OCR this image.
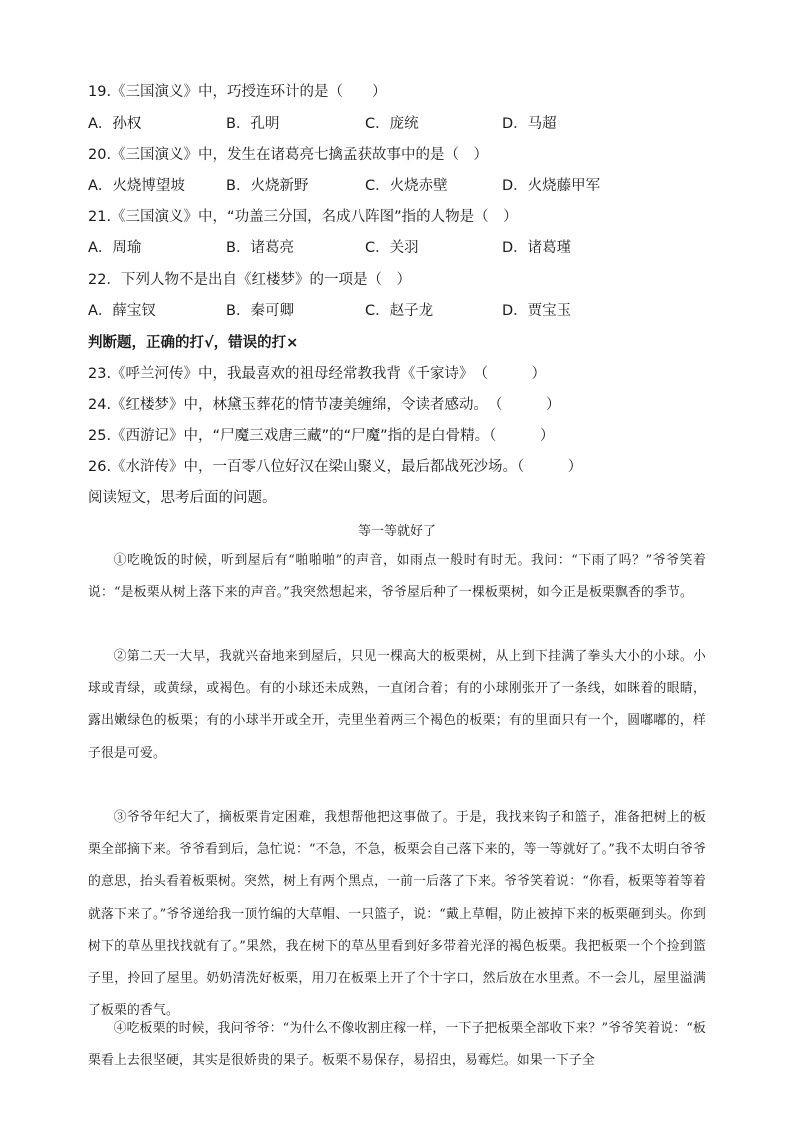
19.《三国演义》中，巧授连环计的是（　　）
A．孙权	B．孔明	C．庞统	D．马超
20.《三国演义》中，发生在诸葛亮七擒孟获故事中的是（　）
A．火烧博望坡	B．火烧新野	C．火烧赤壁	D．火烧藤甲军
21.《三国演义》中，“功盖三分国，名成八阵图”指的人物是（　）
A．周瑜	B．诸葛亮	C．关羽	D．诸葛瑾
22．下列人物不是出自《红楼梦》的一项是（　）
A．薛宝钗	B．秦可卿	C．赵子龙	D．贾宝玉
判断题，正确的打√，错误的打×
23.《呼兰河传》中，我最喜欢的祖母经常教我背《千家诗》　（　　　）
24.《红楼梦》中，林黛玉葬花的情节凄美缠绵，令读者感动。　（　　　）
25.《西游记》中，“尸魔三戏唐三藏”的“尸魔”指的是白骨精。（　　　）
26.《水浒传》中，一百零八位好汉在梁山聚义，最后都战死沙场。（　　　）
阅读短文，思考后面的问题。
等一等就好了
①吃晚饭的时候，听到屋后有“啪啪啪”的声音，如雨点一般时有时无。我问：“下雨了吗？”爷爷笑着说：“是板栗从树上落下来的声音。”我突然想起来，爷爷屋后种了一棵板栗树，如今正是板栗飘香的季节。
②第二天一大早，我就兴奋地来到屋后，只见一棵高大的板栗树，从上到下挂满了拳头大小的小球。小球或青绿，或黄绿，或褐色。有的小球还未成熟，一直闭合着；有的小球刚张开了一条线，如眯着的眼睛，露出嫩绿色的板栗；有的小球半开或全开，壳里坐着两三个褐色的板栗；有的里面只有一个，圆嘟嘟的，样子很是可爱。
③爷爷年纪大了，摘板栗肯定困难，我想帮他把这事做了。于是，我找来钩子和篮子，准备把树上的板栗全部摘下来。爷爷看到后，急忙说：“不急，不急，板栗会自己落下来的，等一等就好了。”我不太明白爷爷的意思，抬头看着板栗树。突然，树上有两个黑点，一前一后落了下来。爷爷笑着说：“你看，板栗等着等着就落下来了。”爷爷递给我一顶竹编的大草帽、一只篮子，说：“戴上草帽，防止被掉下来的板栗砸到头。你到树下的草丛里找找就有了。”果然，我在树下的草丛里看到好多带着光泽的褐色板栗。我把板栗一个个捡到篮子里，拎回了屋里。奶奶清洗好板栗，用刀在板栗上开了个十字口，然后放在水里煮。不一会儿，屋里溢满了板栗的香气。
④吃板栗的时候，我问爷爷：“为什么不像收割庄稼一样，一下子把板栗全部收下来？”爷爷笑着说：“板栗看上去很坚硬，其实是很娇贵的果子。板栗不易保存，易招虫，易霉烂。如果一下子全
